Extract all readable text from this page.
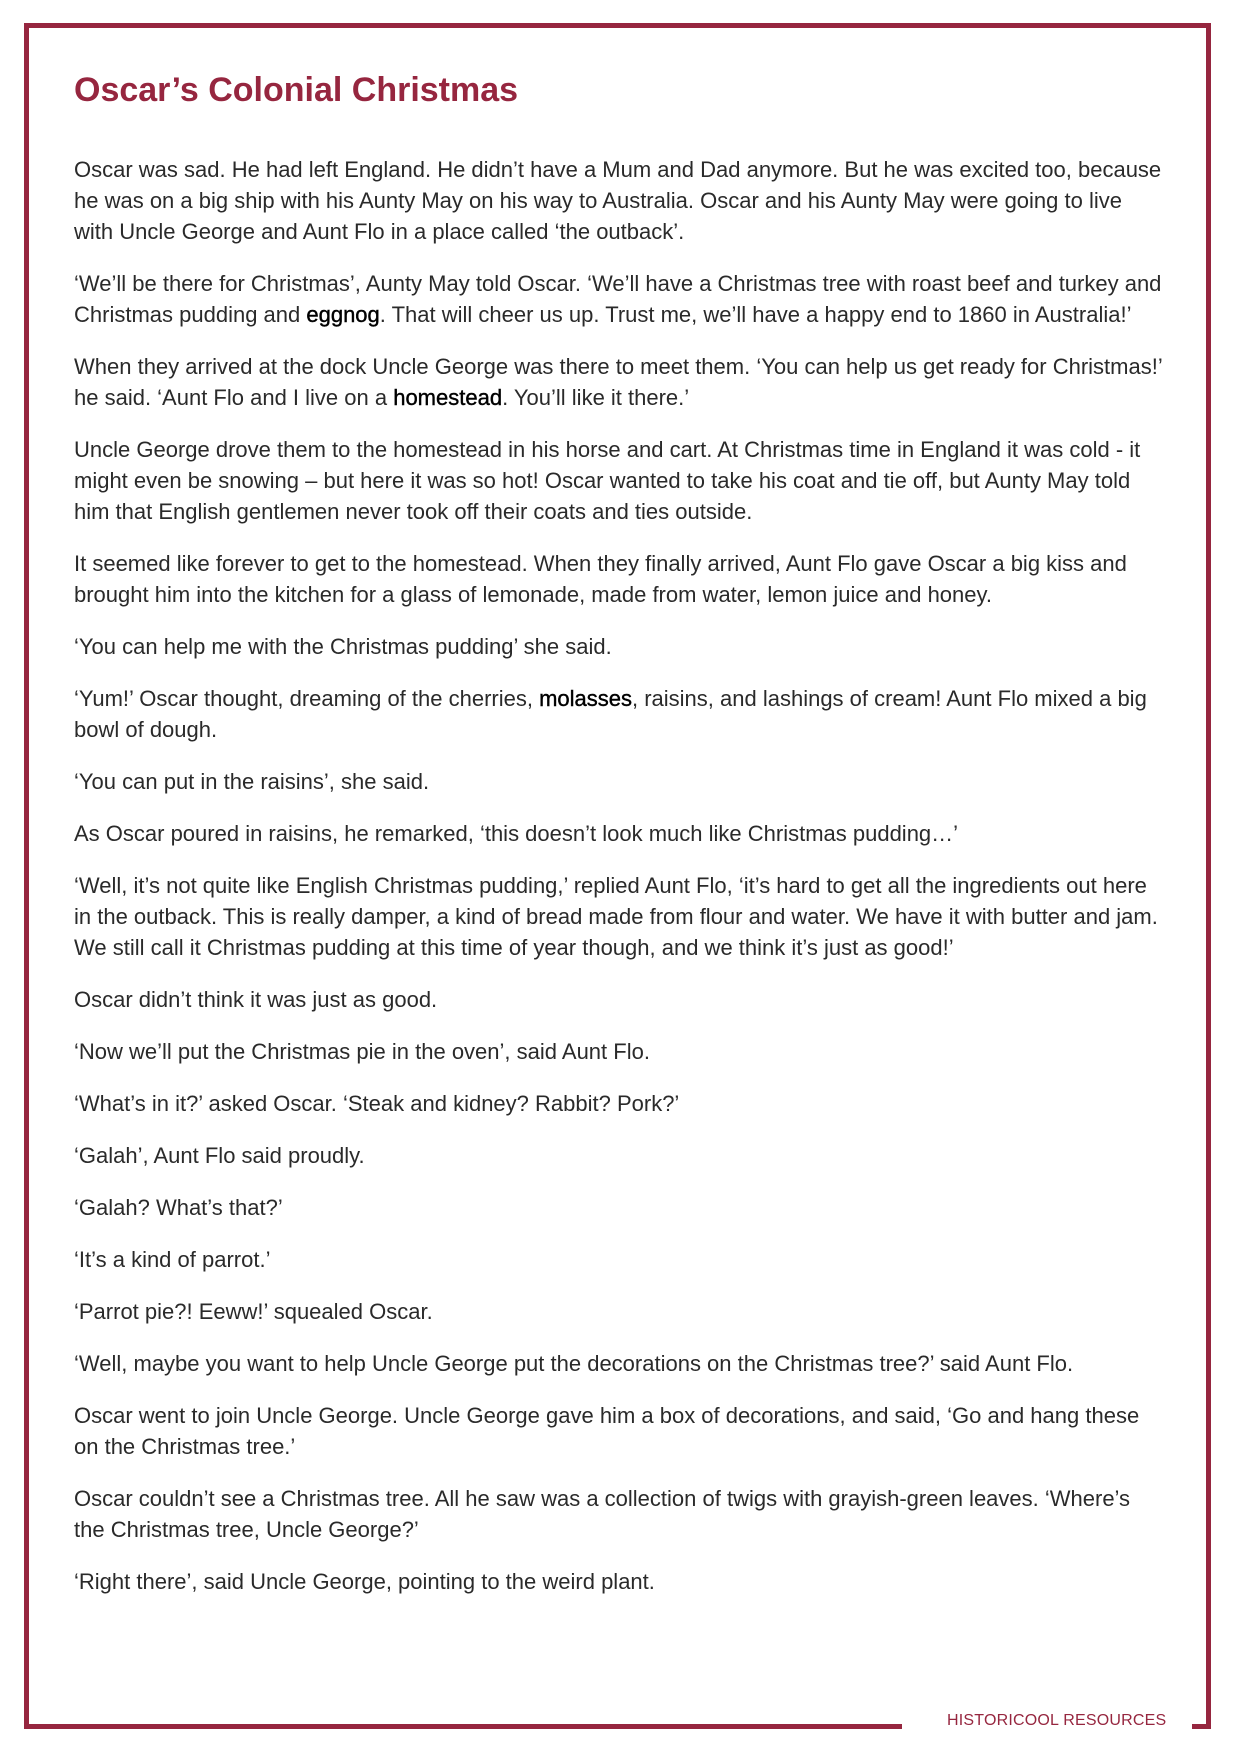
Oscar’s Colonial Christmas

Oscar was sad. He had left England. He didn’t have a Mum and Dad anymore. But he was excited too, because he was on a big ship with his Aunty May on his way to Australia. Oscar and his Aunty May were going to live with Uncle George and Aunt Flo in a place called ‘the outback’.

‘We’ll be there for Christmas’, Aunty May told Oscar. ‘We’ll have a Christmas tree with roast beef and turkey and Christmas pudding and eggnog. That will cheer us up. Trust me, we’ll have a happy end to 1860 in Australia!’

When they arrived at the dock Uncle George was there to meet them. ‘You can help us get ready for Christmas!’ he said. ‘Aunt Flo and I live on a homestead. You’ll like it there.’

Uncle George drove them to the homestead in his horse and cart. At Christmas time in England it was cold - it might even be snowing – but here it was so hot! Oscar wanted to take his coat and tie off, but Aunty May told him that English gentlemen never took off their coats and ties outside.

It seemed like forever to get to the homestead. When they finally arrived, Aunt Flo gave Oscar a big kiss and brought him into the kitchen for a glass of lemonade, made from water, lemon juice and honey.

‘You can help me with the Christmas pudding’ she said.

‘Yum!’ Oscar thought, dreaming of the cherries, molasses, raisins, and lashings of cream! Aunt Flo mixed a big bowl of dough.

‘You can put in the raisins’, she said.

As Oscar poured in raisins, he remarked, ‘this doesn’t look much like Christmas pudding…’

‘Well, it’s not quite like English Christmas pudding,’ replied Aunt Flo, ‘it’s hard to get all the ingredients out here in the outback. This is really damper, a kind of bread made from flour and water. We have it with butter and jam. We still call it Christmas pudding at this time of year though, and we think it’s just as good!’

Oscar didn’t think it was just as good.

‘Now we’ll put the Christmas pie in the oven’, said Aunt Flo.

‘What’s in it?’ asked Oscar. ‘Steak and kidney? Rabbit? Pork?’

‘Galah’, Aunt Flo said proudly.

‘Galah? What’s that?’

‘It’s a kind of parrot.’

‘Parrot pie?! Eeww!’ squealed Oscar.

‘Well, maybe you want to help Uncle George put the decorations on the Christmas tree?’ said Aunt Flo.

Oscar went to join Uncle George. Uncle George gave him a box of decorations, and said, ‘Go and hang these on the Christmas tree.’

Oscar couldn’t see a Christmas tree. All he saw was a collection of twigs with grayish-green leaves. ‘Where’s the Christmas tree, Uncle George?’

‘Right there’, said Uncle George, pointing to the weird plant.

HISTORICOOL RESOURCES
